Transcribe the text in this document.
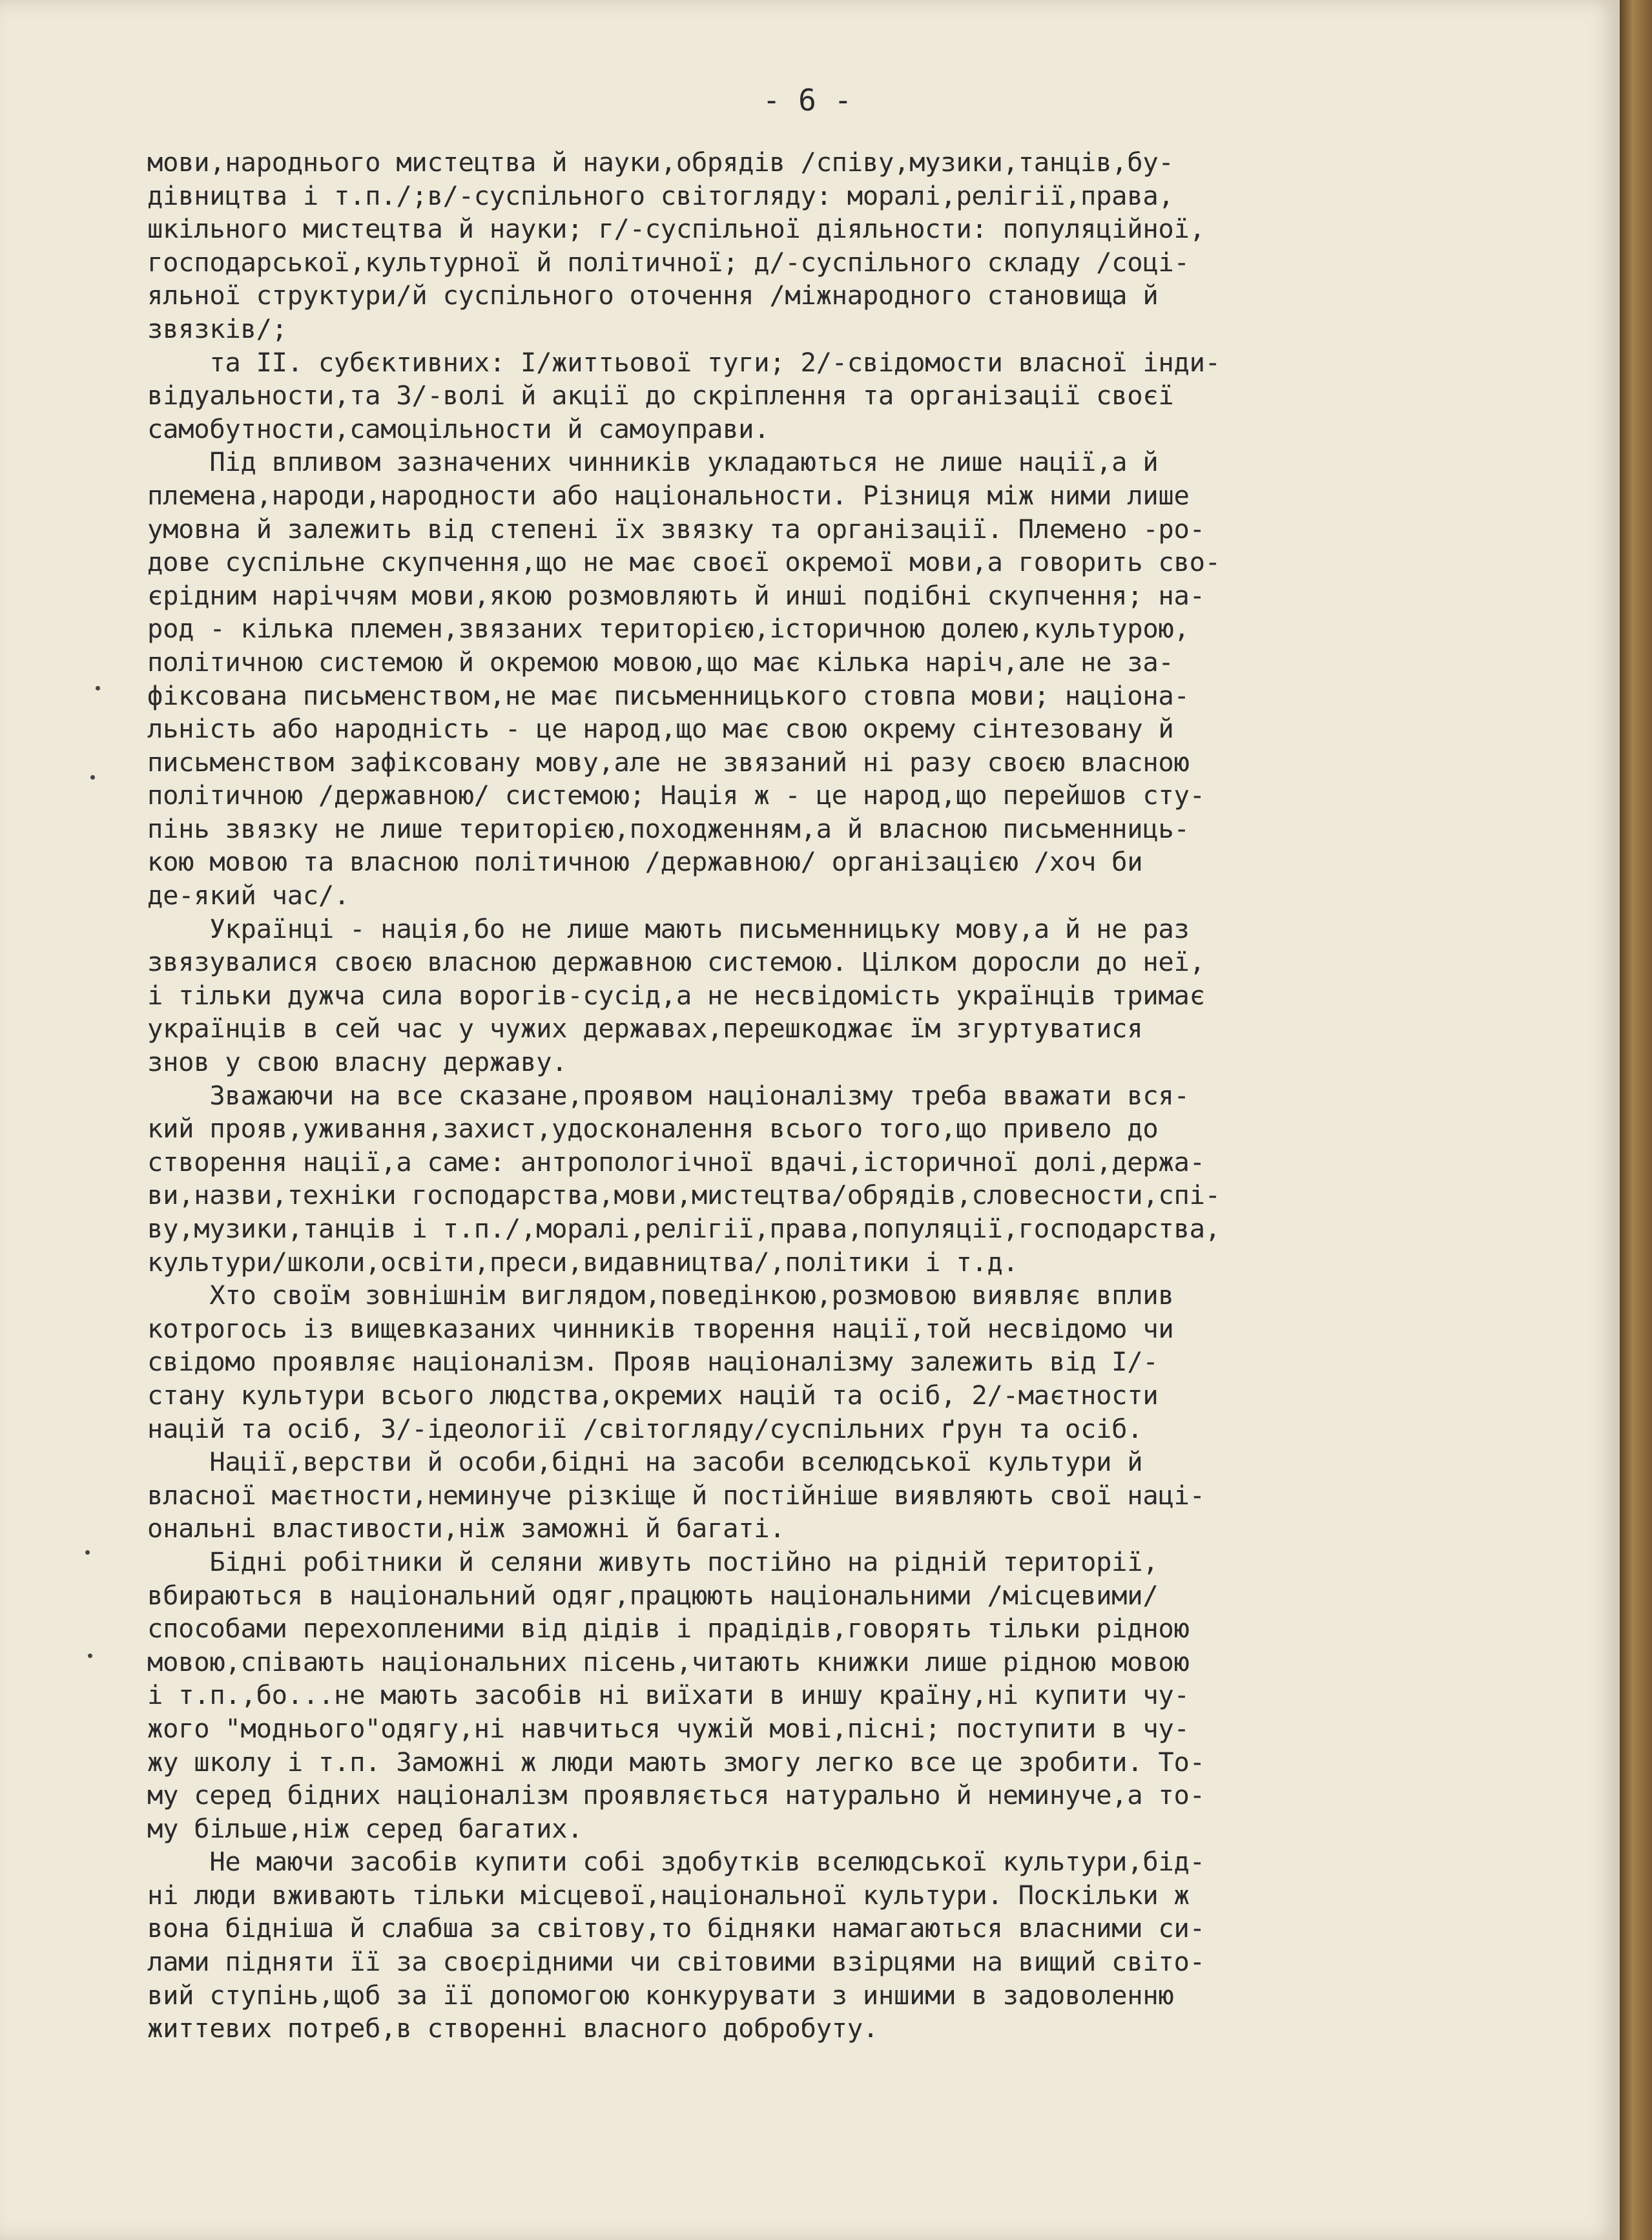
- 6 -
мови,народнього мистецтва й науки,обрядів /співу,музики,танців,бу-
дівництва і т.п./;в/-суспільного світогляду: моралі,релігії,права,
шкільного мистецтва й науки; г/-суспільної діяльности: популяційної,
господарської,культурної й політичної; д/-суспільного складу /соці-
яльної структури/й суспільного оточення /міжнародного становища й
звязків/;
та II. субєктивних: I/життьової туги; 2/-свідомости власної інди-
відуальности,та 3/-волі й акції до скріплення та організації своєї
самобутности,самоцільности й самоуправи.
Під впливом зазначених чинників укладаються не лише нації,а й
племена,народи,народности або національности. Різниця між ними лише
умовна й залежить від степені їх звязку та організації. Племено -ро-
дове суспільне скупчення,що не має своєї окремої мови,а говорить сво-
єрідним наріччям мови,якою розмовляють й инші подібні скупчення; на-
род - кілька племен,звязаних територією,історичною долею,культурою,
політичною системою й окремою мовою,що має кілька наріч,але не за-
фіксована письменством,не має письменницького стовпа мови; націона-
льність або народність - це народ,що має свою окрему сінтезовану й
письменством зафіксовану мову,але не звязаний ні разу своєю власною
політичною /державною/ системою; Нація ж - це народ,що перейшов сту-
пінь звязку не лише територією,походженням,а й власною письменниць-
кою мовою та власною політичною /державною/ організацією /хоч би
де-який час/.
Українці - нація,бо не лише мають письменницьку мову,а й не раз
звязувалися своєю власною державною системою. Цілком доросли до неї,
і тільки дужча сила ворогів-сусід,а не несвідомість українців тримає
українців в сей час у чужих державах,перешкоджає їм згуртуватися
знов у свою власну державу.
Зважаючи на все сказане,проявом націоналізму треба вважати вся-
кий прояв,уживання,захист,удосконалення всього того,що привело до
створення нації,а саме: антропологічної вдачі,історичної долі,держа-
ви,назви,техніки господарства,мови,мистецтва/обрядів,словесности,спі-
ву,музики,танців і т.п./,моралі,релігії,права,популяції,господарства,
культури/школи,освіти,преси,видавництва/,політики і т.д.
Хто своїм зовнішнім виглядом,поведінкою,розмовою виявляє вплив
котрогось із вищевказаних чинників творення нації,той несвідомо чи
свідомо проявляє націоналізм. Прояв націоналізму залежить від I/-
стану культури всього людства,окремих націй та осіб, 2/-маєтности
націй та осіб, 3/-ідеології /світогляду/суспільних ґрун та осіб.
Нації,верстви й особи,бідні на засоби вселюдської культури й
власної маєтности,неминуче різкіще й постійніше виявляють свої наці-
ональні властивости,ніж заможні й багаті.
Бідні робітники й селяни живуть постійно на рідній території,
вбираються в національний одяг,працюють національними /місцевими/
способами перехопленими від дідів і прадідів,говорять тільки рідною
мовою,співають національних пісень,читають книжки лише рідною мовою
і т.п.,бо...не мають засобів ні виїхати в иншу країну,ні купити чу-
жого "модньогo"одягу,ні навчиться чужій мові,пісні; поступити в чу-
жу школу і т.п. Заможні ж люди мають змогу легко все це зробити. То-
му серед бідних націоналізм проявляється натурально й неминуче,а то-
му більше,ніж серед багатих.
Не маючи засобів купити собі здобутків вселюдської культури,бід-
ні люди вживають тільки місцевої,національної культури. Поскільки ж
вона біднішa й слабша за світову,то бідняки намагаються власними си-
лами підняти її за своєрідними чи світовими взірцями на вищий світо-
вий ступінь,щоб за її допомогою конкурувати з иншими в задоволенню
життевих потреб,в створенні власного добробуту.
